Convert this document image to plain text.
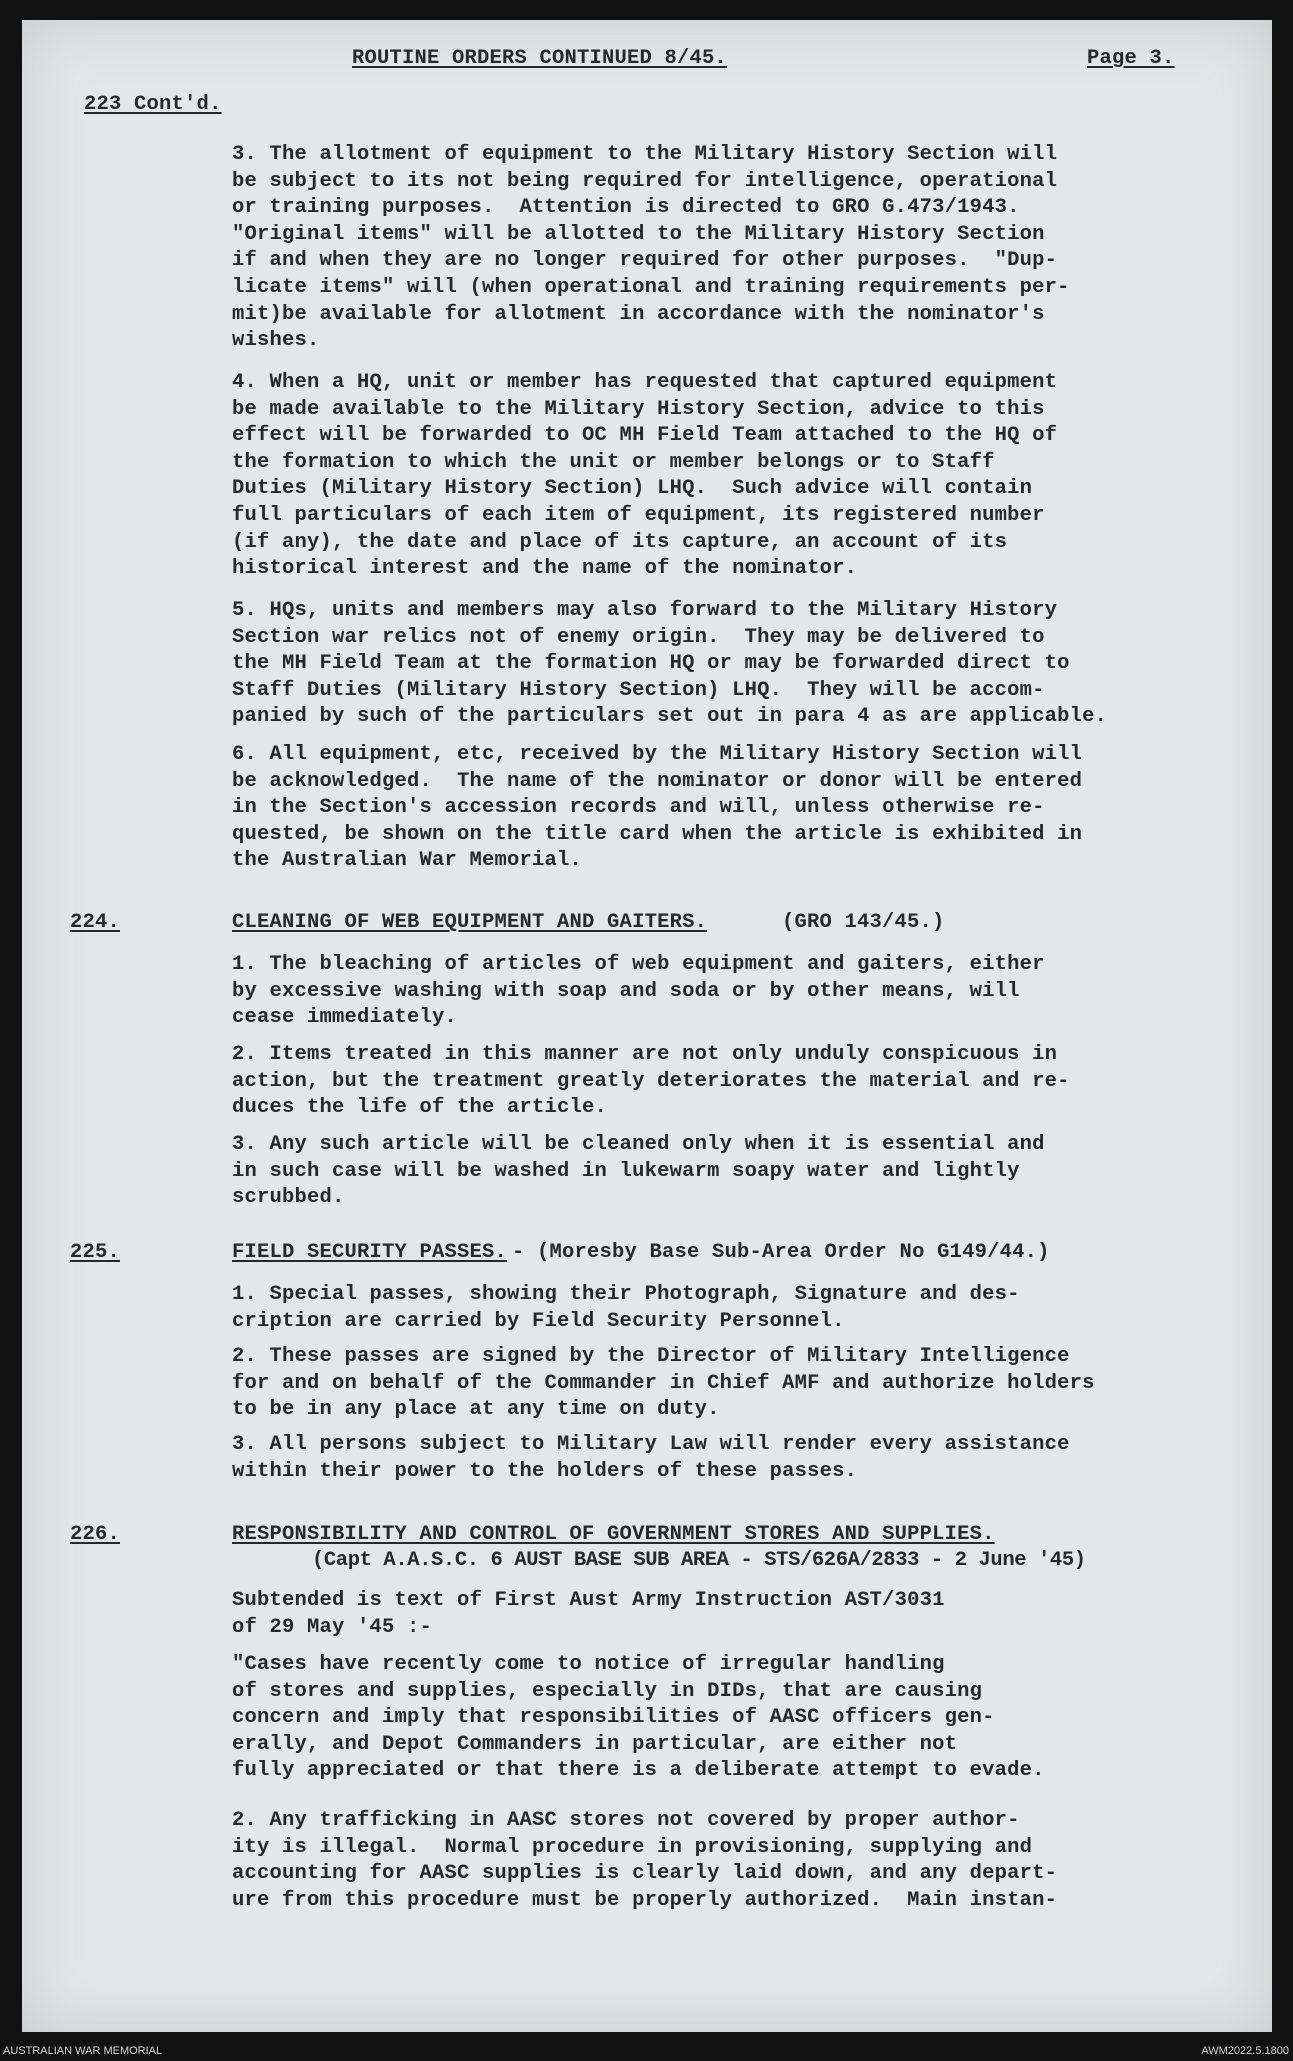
ROUTINE ORDERS CONTINUED 8/45.	Page 3.

223 Cont'd.

3. The allotment of equipment to the Military History Section will
be subject to its not being required for intelligence, operational
or training purposes.  Attention is directed to GRO G.473/1943.
"Original items" will be allotted to the Military History Section
if and when they are no longer required for other purposes.  "Dup-
licate items" will (when operational and training requirements per-
mit)be available for allotment in accordance with the nominator's
wishes.

4. When a HQ, unit or member has requested that captured equipment
be made available to the Military History Section, advice to this
effect will be forwarded to OC MH Field Team attached to the HQ of
the formation to which the unit or member belongs or to Staff
Duties (Military History Section) LHQ.  Such advice will contain
full particulars of each item of equipment, its registered number
(if any), the date and place of its capture, an account of its
historical interest and the name of the nominator.

5. HQs, units and members may also forward to the Military History
Section war relics not of enemy origin.  They may be delivered to
the MH Field Team at the formation HQ or may be forwarded direct to
Staff Duties (Military History Section) LHQ.  They will be accom-
panied by such of the particulars set out in para 4 as are applicable.

6. All equipment, etc, received by the Military History Section will
be acknowledged.  The name of the nominator or donor will be entered
in the Section's accession records and will, unless otherwise re-
quested, be shown on the title card when the article is exhibited in
the Australian War Memorial.

224.	CLEANING OF WEB EQUIPMENT AND GAITERS.	(GRO 143/45.)

1. The bleaching of articles of web equipment and gaiters, either
by excessive washing with soap and soda or by other means, will
cease immediately.

2. Items treated in this manner are not only unduly conspicuous in
action, but the treatment greatly deteriorates the material and re-
duces the life of the article.

3. Any such article will be cleaned only when it is essential and
in such case will be washed in lukewarm soapy water and lightly
scrubbed.

225.	FIELD SECURITY PASSES. - (Moresby Base Sub-Area Order No G149/44.)

1. Special passes, showing their Photograph, Signature and des-
cription are carried by Field Security Personnel.

2. These passes are signed by the Director of Military Intelligence
for and on behalf of the Commander in Chief AMF and authorize holders
to be in any place at any time on duty.

3. All persons subject to Military Law will render every assistance
within their power to the holders of these passes.

226.	RESPONSIBILITY AND CONTROL OF GOVERNMENT STORES AND SUPPLIES.

(Capt A.A.S.C. 6 AUST BASE SUB AREA - STS/626A/2833 - 2 June '45)

Subtended is text of First Aust Army Instruction AST/3031
of 29 May '45 :-

"Cases have recently come to notice of irregular handling
of stores and supplies, especially in DIDs, that are causing
concern and imply that responsibilities of AASC officers gen-
erally, and Depot Commanders in particular, are either not
fully appreciated or that there is a deliberate attempt to evade.

2. Any trafficking in AASC stores not covered by proper author-
ity is illegal.  Normal procedure in provisioning, supplying and
accounting for AASC supplies is clearly laid down, and any depart-
ure from this procedure must be properly authorized.  Main instan-

AUSTRALIAN WAR MEMORIAL	AWM2022.5.1800
